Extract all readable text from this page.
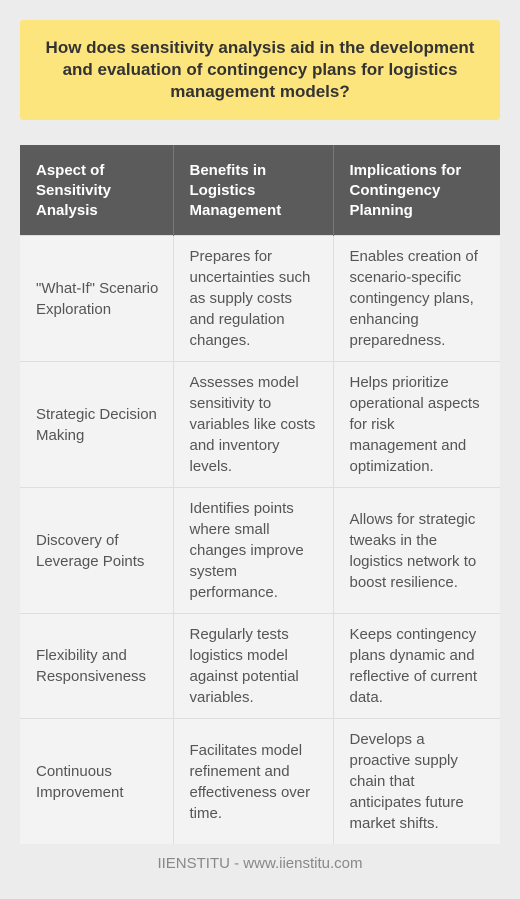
How does sensitivity analysis aid in the development and evaluation of contingency plans for logistics management models?
Aspect of Sensitivity Analysis	Benefits in Logistics Management	Implications for Contingency Planning
"What-If" Scenario Exploration	Prepares for uncertainties such as supply costs and regulation changes.	Enables creation of scenario-specific contingency plans, enhancing preparedness.
Strategic Decision Making	Assesses model sensitivity to variables like costs and inventory levels.	Helps prioritize operational aspects for risk management and optimization.
Discovery of Leverage Points	Identifies points where small changes improve system performance.	Allows for strategic tweaks in the logistics network to boost resilience.
Flexibility and Responsiveness	Regularly tests logistics model against potential variables.	Keeps contingency plans dynamic and reflective of current data.
Continuous Improvement	Facilitates model refinement and effectiveness over time.	Develops a proactive supply chain that anticipates future market shifts.
IIENSTITU - www.iienstitu.com
